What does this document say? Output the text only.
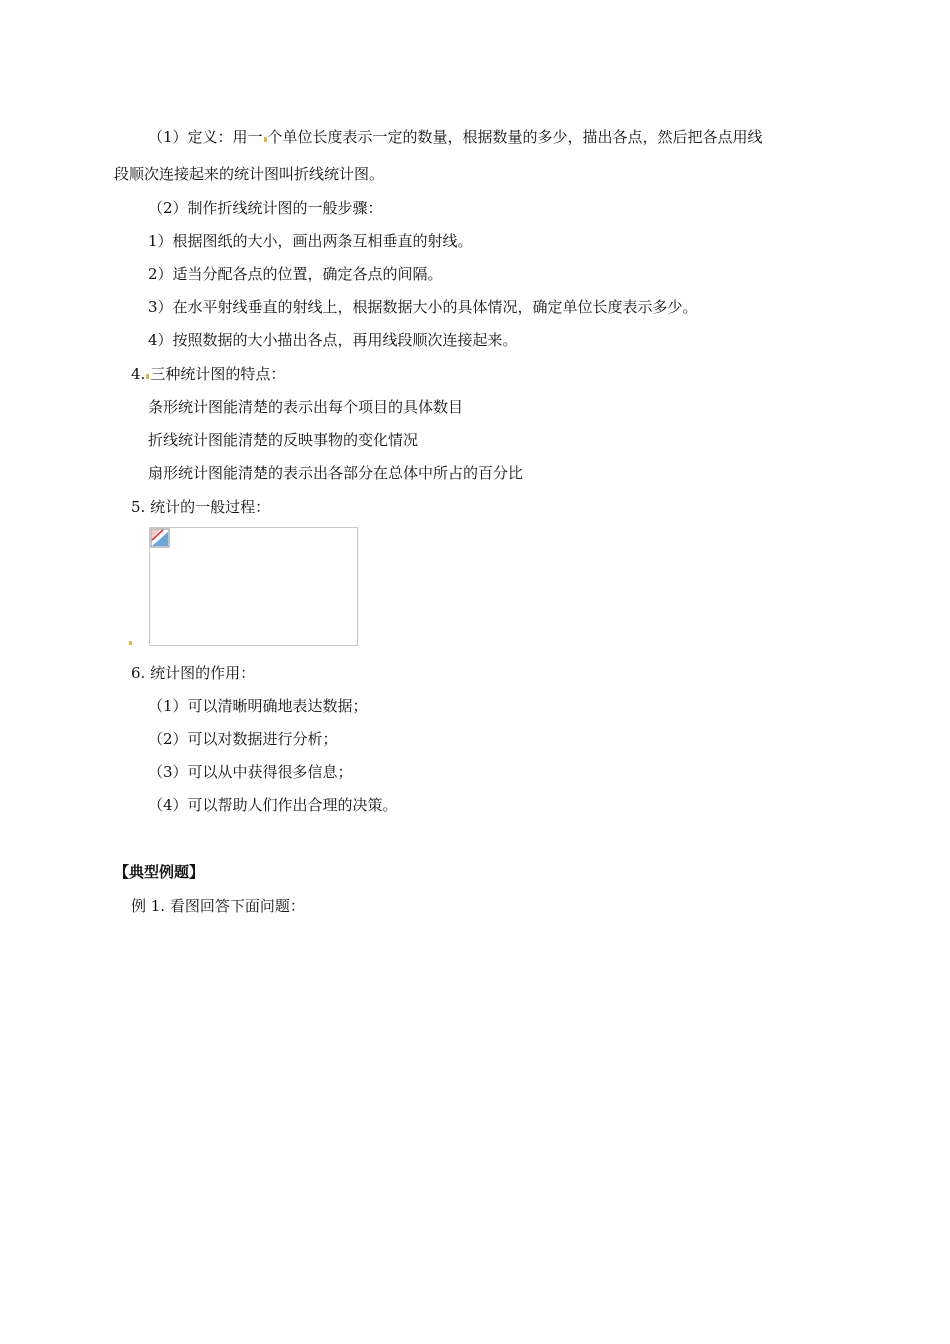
（1）定义：用一 个单位长度表示一定的数量，根据数量的多少，描出各点，然后把各点用线
段顺次连接起来的统计图叫折线统计图。
（2）制作折线统计图的一般步骤：
1）根据图纸的大小，画出两条互相垂直的射线。
2）适当分配各点的位置，确定各点的间隔。
3）在水平射线垂直的射线上，根据数据大小的具体情况，确定单位长度表示多少。
4）按照数据的大小描出各点，再用线段顺次连接起来。
4. 三种统计图的特点：
条形统计图能清楚的表示出每个项目的具体数目
折线统计图能清楚的反映事物的变化情况
扇形统计图能清楚的表示出各部分在总体中所占的百分比
5. 统计的一般过程：
6. 统计图的作用：
（1）可以清晰明确地表达数据；
（2）可以对数据进行分析；
（3）可以从中获得很多信息；
（4）可以帮助人们作出合理的决策。
【典型例题】
例 1. 看图回答下面问题：
